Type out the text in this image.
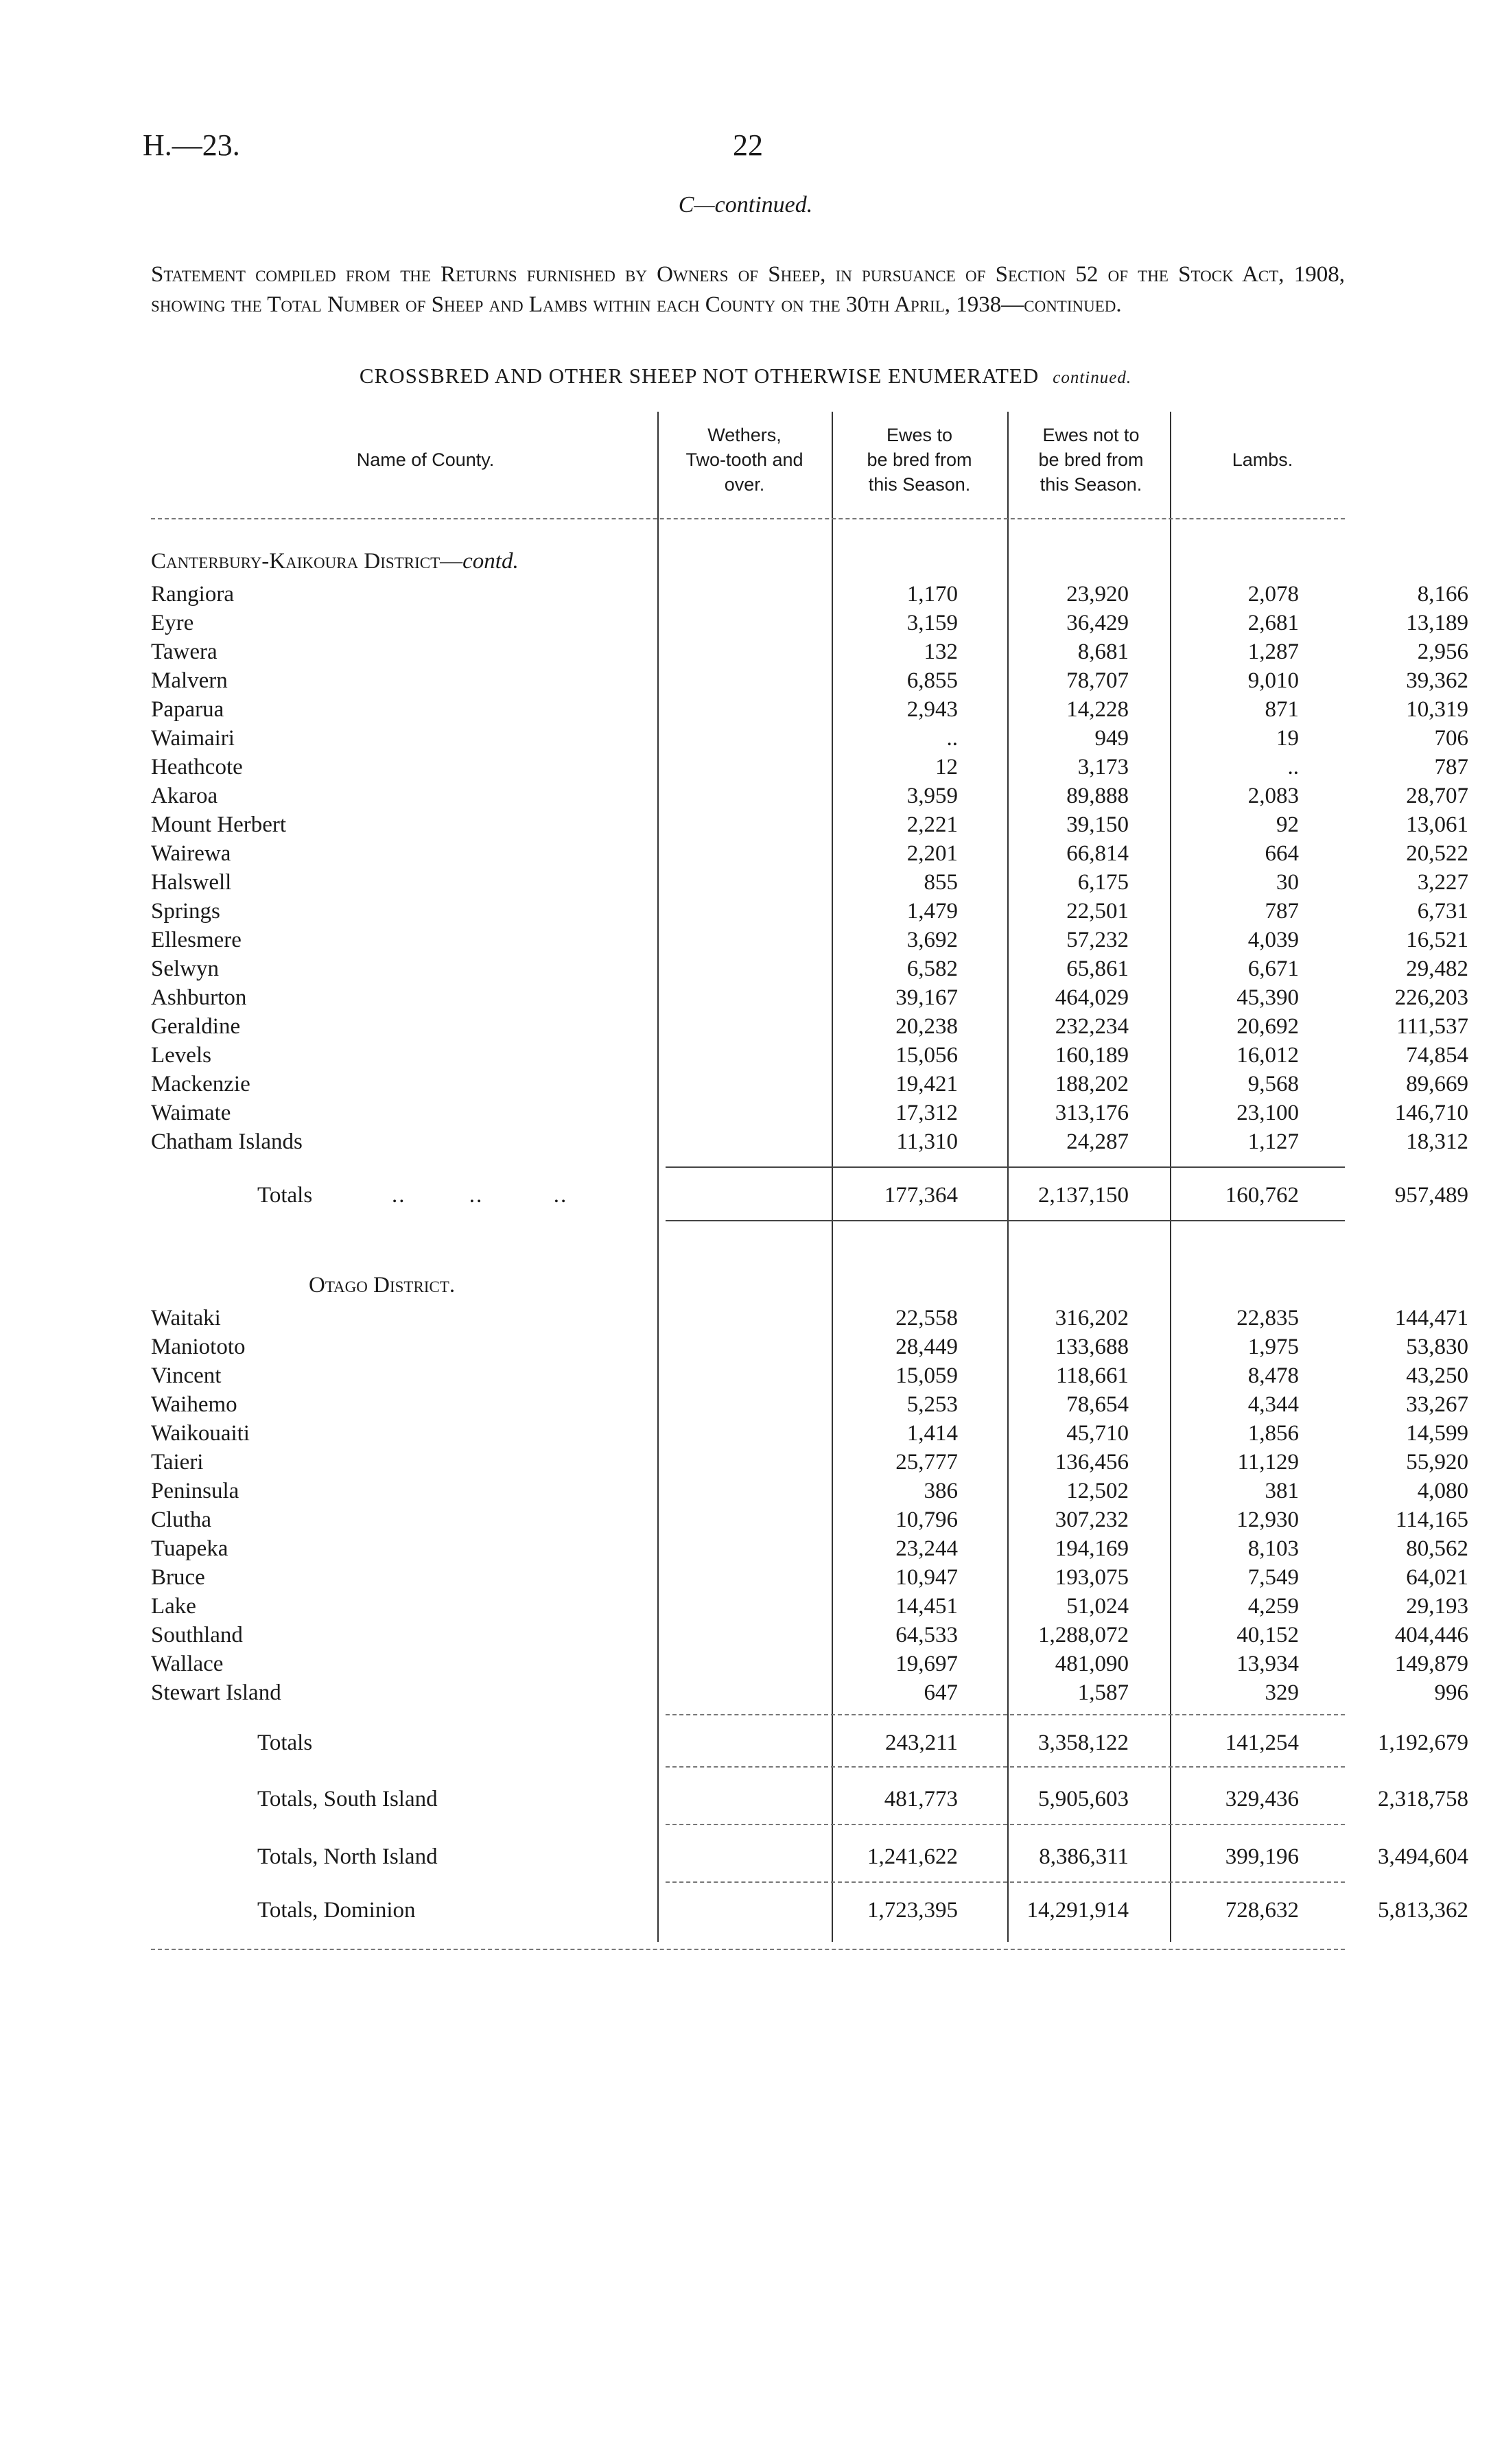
H.—23.	22
C—continued.
Statement compiled from the Returns furnished by Owners of Sheep, in pursuance of Section 52 of the Stock Act, 1908, showing the Total Number of Sheep and Lambs within each County on the 30th April, 1938—continued.
CROSSBRED AND OTHER SHEEP NOT OTHERWISE ENUMERATED continued.
Name of County.
Wethers,
Two-tooth and
over.
Ewes to
be bred from
this Season.
Ewes not to
be bred from
this Season.
Lambs.
Canterbury-Kaikoura District—contd.
Rangiora	1,170	23,920	2,078	8,166
Eyre	3,159	36,429	2,681	13,189
Tawera	132	8,681	1,287	2,956
Malvern	6,855	78,707	9,010	39,362
Paparua	2,943	14,228	871	10,319
Waimairi	..	949	19	706
Heathcote	12	3,173	..	787
Akaroa	3,959	89,888	2,083	28,707
Mount Herbert	2,221	39,150	92	13,061
Wairewa	2,201	66,814	664	20,522
Halswell	855	6,175	30	3,227
Springs	1,479	22,501	787	6,731
Ellesmere	3,692	57,232	4,039	16,521
Selwyn	6,582	65,861	6,671	29,482
Ashburton	39,167	464,029	45,390	226,203
Geraldine	20,238	232,234	20,692	111,537
Levels	15,056	160,189	16,012	74,854
Mackenzie	19,421	188,202	9,568	89,669
Waimate	17,312	313,176	23,100	146,710
Chatham Islands	11,310	24,287	1,127	18,312
Totals ..         ..          ..	177,364	2,137,150	160,762	957,489
Otago District.
Waitaki	22,558	316,202	22,835	144,471
Maniototo	28,449	133,688	1,975	53,830
Vincent	15,059	118,661	8,478	43,250
Waihemo	5,253	78,654	4,344	33,267
Waikouaiti	1,414	45,710	1,856	14,599
Taieri	25,777	136,456	11,129	55,920
Peninsula	386	12,502	381	4,080
Clutha	10,796	307,232	12,930	114,165
Tuapeka	23,244	194,169	8,103	80,562
Bruce	10,947	193,075	7,549	64,021
Lake	14,451	51,024	4,259	29,193
Southland	64,533	1,288,072	40,152	404,446
Wallace	19,697	481,090	13,934	149,879
Stewart Island	647	1,587	329	996
Totals	243,211	3,358,122	141,254	1,192,679
Totals, South Island	481,773	5,905,603	329,436	2,318,758
Totals, North Island	1,241,622	8,386,311	399,196	3,494,604
Totals, Dominion	1,723,395	14,291,914	728,632	5,813,362
